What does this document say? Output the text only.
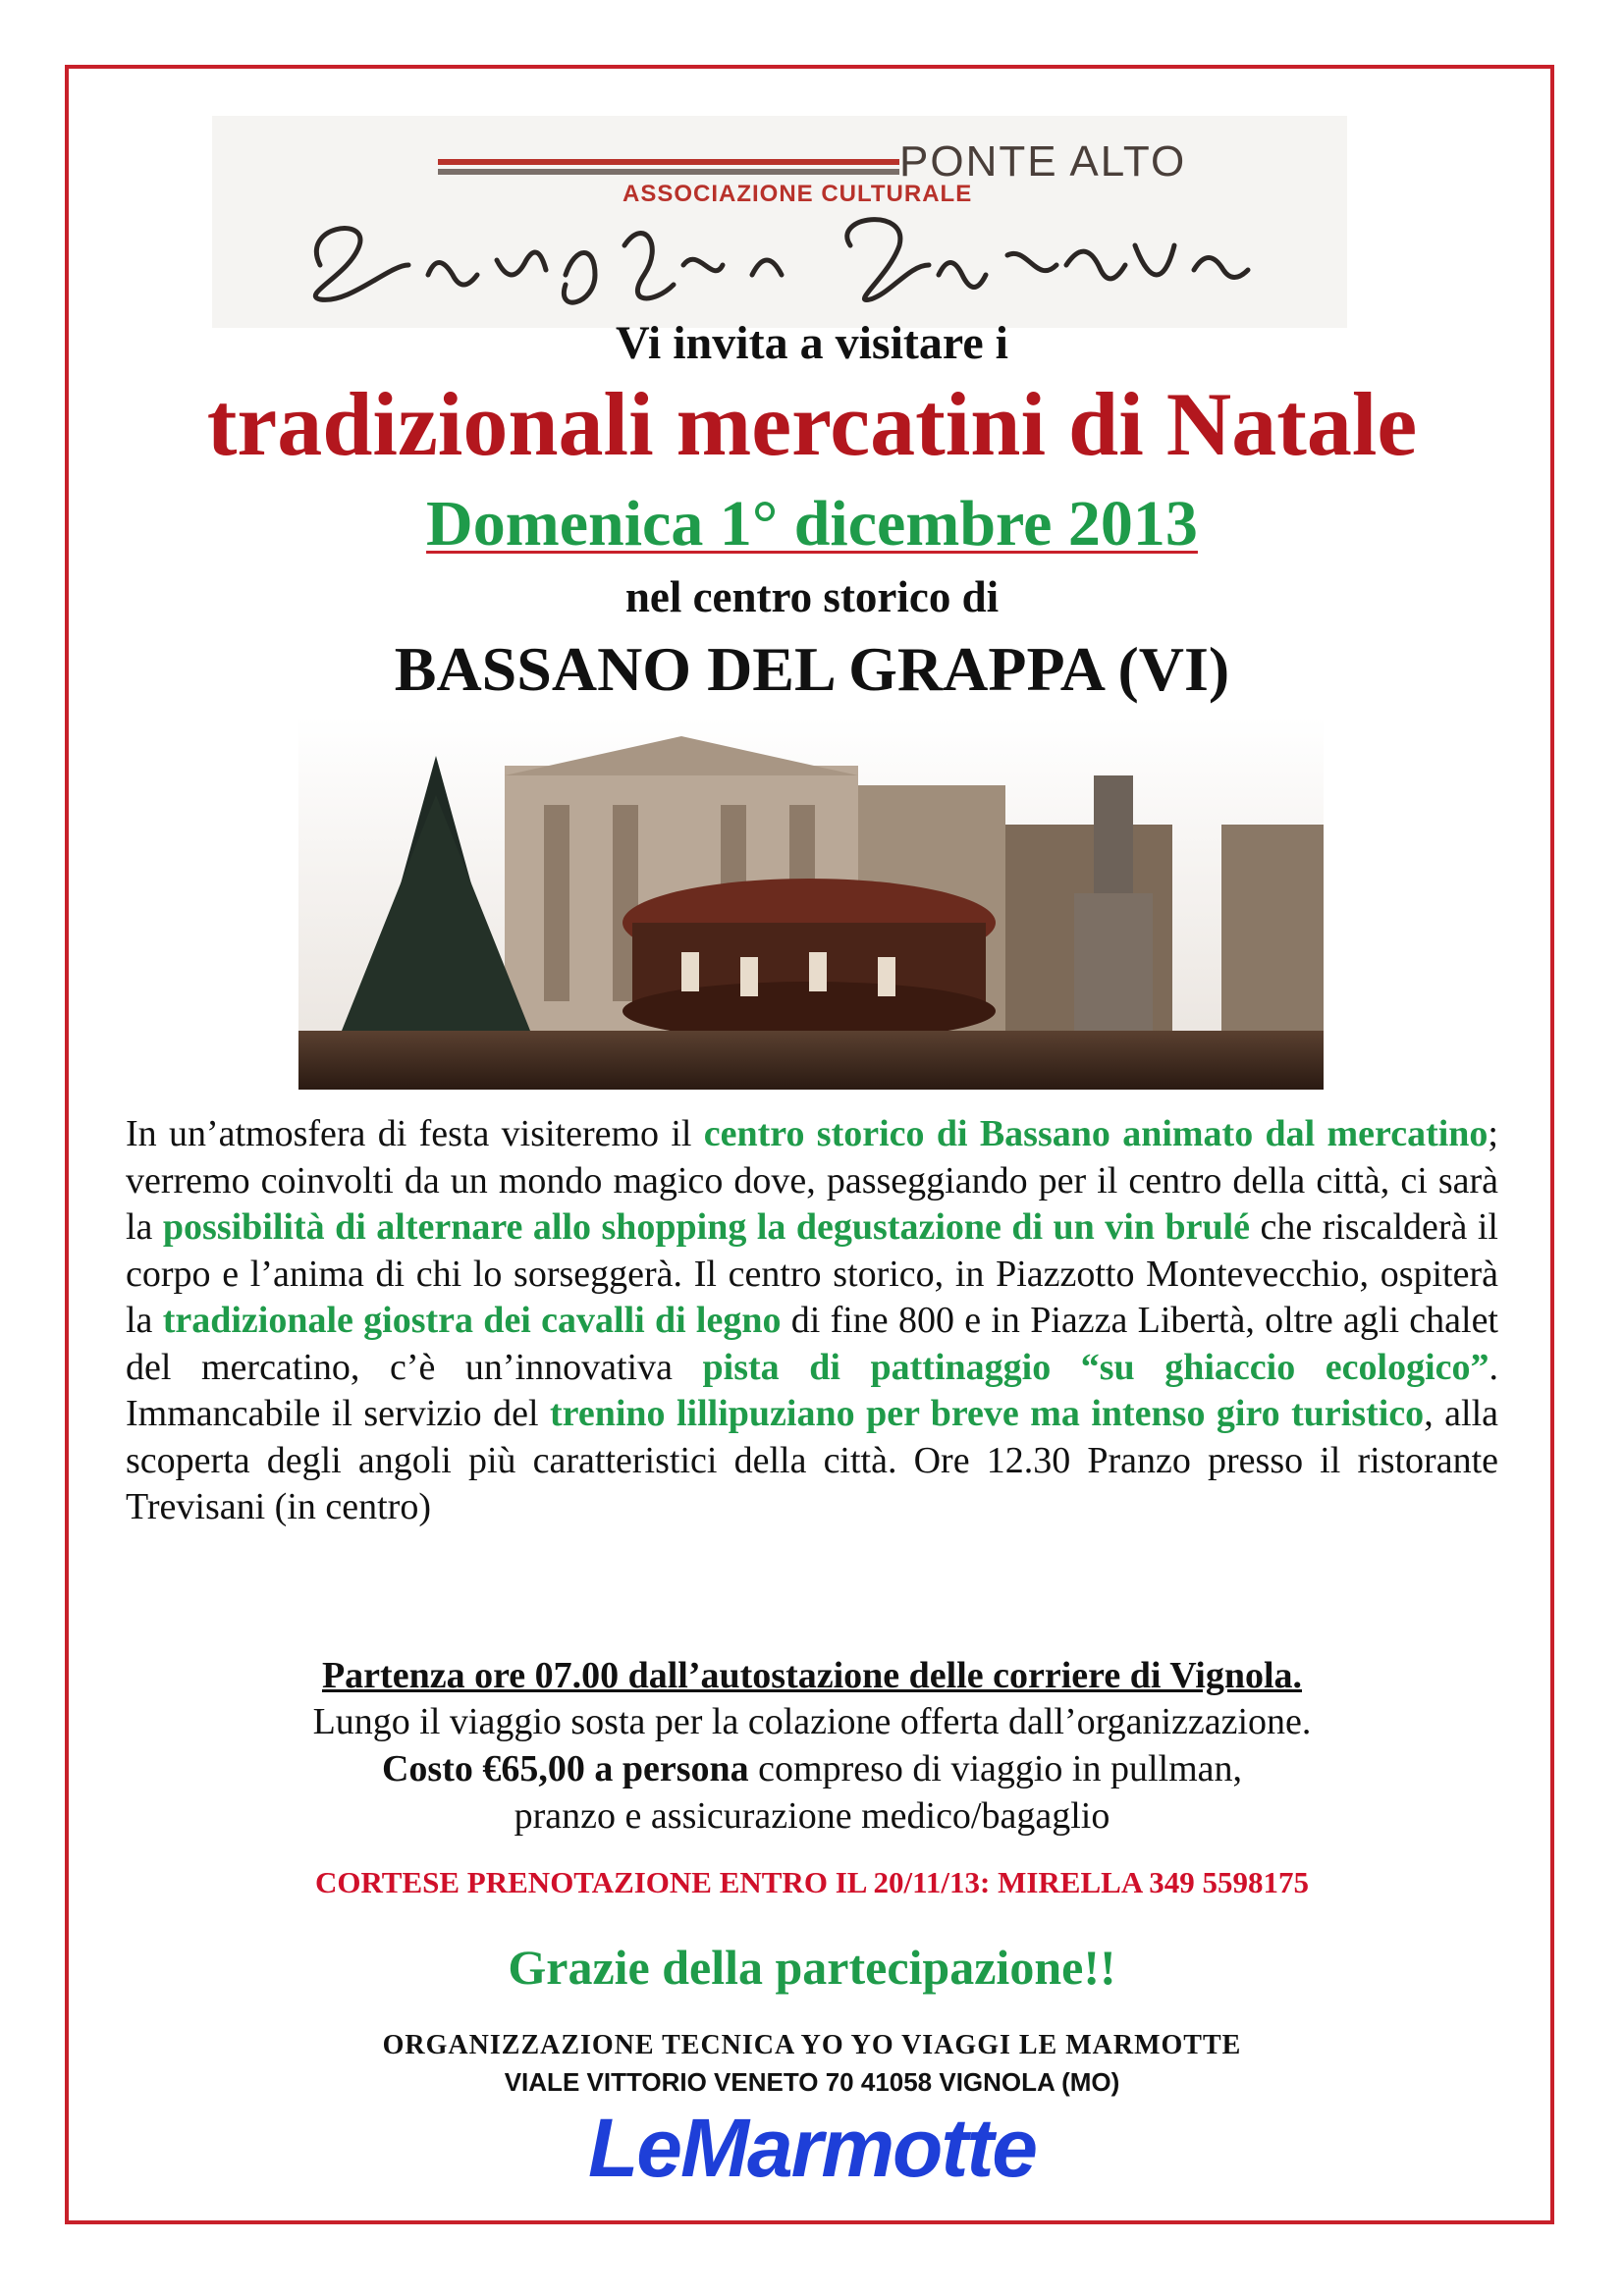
PONTE ALTO
ASSOCIAZIONE CULTURALE
Vi invita a visitare i
tradizionali mercatini di Natale
Domenica 1° dicembre 2013
nel centro storico di
BASSANO DEL GRAPPA (VI)
In un’atmosfera di festa visiteremo il centro storico di Bassano animato dal mercatino; verremo coinvolti da un mondo magico dove, passeggiando per il centro della città, ci sarà la possibilità di alternare allo shopping la degustazione di un vin brulé che riscalderà il corpo e l’anima di chi lo sorseggerà. Il centro storico, in Piazzotto Montevecchio, ospiterà la tradizionale giostra dei cavalli di legno di fine 800 e in Piazza Libertà, oltre agli chalet del mercatino, c’è un’innovativa pista di pattinaggio “su ghiaccio ecologico”. Immancabile il servizio del trenino lillipuziano per breve ma intenso giro turistico, alla scoperta degli angoli più caratteristici della città. Ore 12.30 Pranzo presso il ristorante Trevisani (in centro)
Partenza ore 07.00 dall’autostazione delle corriere di Vignola.
Lungo il viaggio sosta per la colazione offerta dall’organizzazione.
Costo €65,00 a persona compreso di viaggio in pullman,
pranzo e assicurazione medico/bagaglio
CORTESE PRENOTAZIONE ENTRO IL 20/11/13: MIRELLA 349 5598175
Grazie della partecipazione!!
ORGANIZZAZIONE TECNICA YO YO VIAGGI LE MARMOTTE
VIALE VITTORIO VENETO 70 41058 VIGNOLA (MO)
LeMarmotte
